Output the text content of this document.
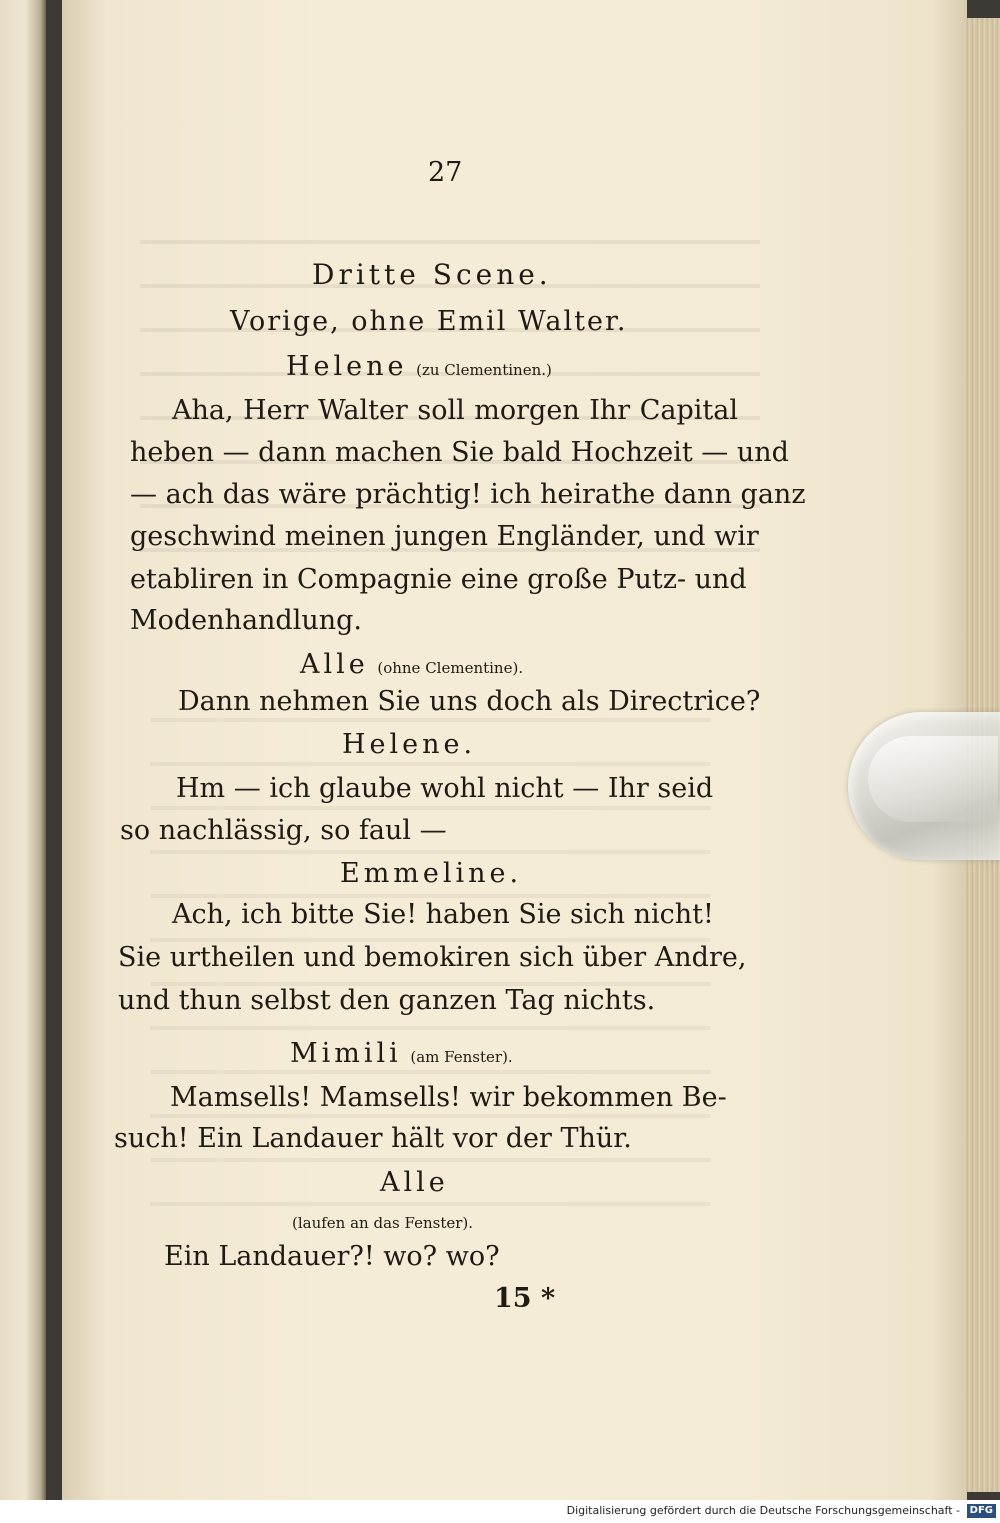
27
Dritte Scene.
Vorige, ohne Emil Walter.
Helene (zu Clementinen.)
Aha, Herr Walter soll morgen Ihr Capital
heben — dann machen Sie bald Hochzeit — und
— ach das wäre prächtig! ich heirathe dann ganz
geschwind meinen jungen Engländer, und wir
etabliren in Compagnie eine große Putz- und
Modenhandlung.
Alle (ohne Clementine).
Dann nehmen Sie uns doch als Directrice?
Helene.
Hm — ich glaube wohl nicht — Ihr seid
so nachlässig, so faul —
Emmeline.
Ach, ich bitte Sie! haben Sie sich nicht!
Sie urtheilen und bemokiren sich über Andre,
und thun selbst den ganzen Tag nichts.
Mimili (am Fenster).
Mamsells! Mamsells! wir bekommen Be-
such! Ein Landauer hält vor der Thür.
Alle
(laufen an das Fenster).
Ein Landauer?! wo? wo?
15 *
Digitalisierung gefördert durch die Deutsche Forschungsgemeinschaft - DFG
